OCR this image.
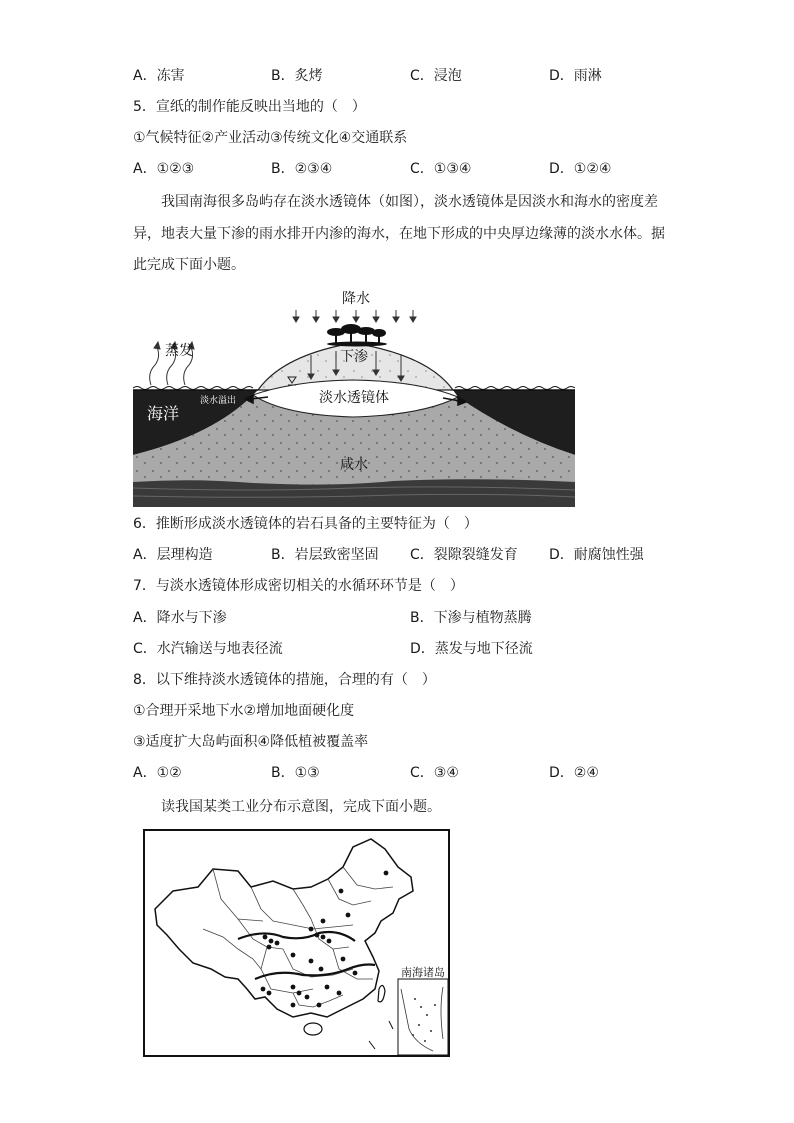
A．冻害	B．炙烤	C．浸泡	D．雨淋
5．宣纸的制作能反映出当地的（　）
①气候特征②产业活动③传统文化④交通联系
A．①②③	B．②③④	C．①③④	D．①②④
我国南海很多岛屿存在淡水透镜体（如图），淡水透镜体是因淡水和海水的密度差
异，地表大量下渗的雨水排开内渗的海水，在地下形成的中央厚边缘薄的淡水水体。据
此完成下面小题。
降水
蒸发	下渗
海洋
淡水溢出	淡水透镜体
咸水
6．推断形成淡水透镜体的岩石具备的主要特征为（　）
A．层理构造	B．岩层致密坚固 C．裂隙裂缝发育 D．耐腐蚀性强
7．与淡水透镜体形成密切相关的水循环环节是（　）
A．降水与下渗	B．下渗与植物蒸腾
C．水汽输送与地表径流	D．蒸发与地下径流
8．以下维持淡水透镜体的措施，合理的有（　）
①合理开采地下水②增加地面硬化度
③适度扩大岛屿面积④降低植被覆盖率
A．①②	B．①③	C．③④	D．②④
读我国某类工业分布示意图，完成下面小题。
南海诸岛
